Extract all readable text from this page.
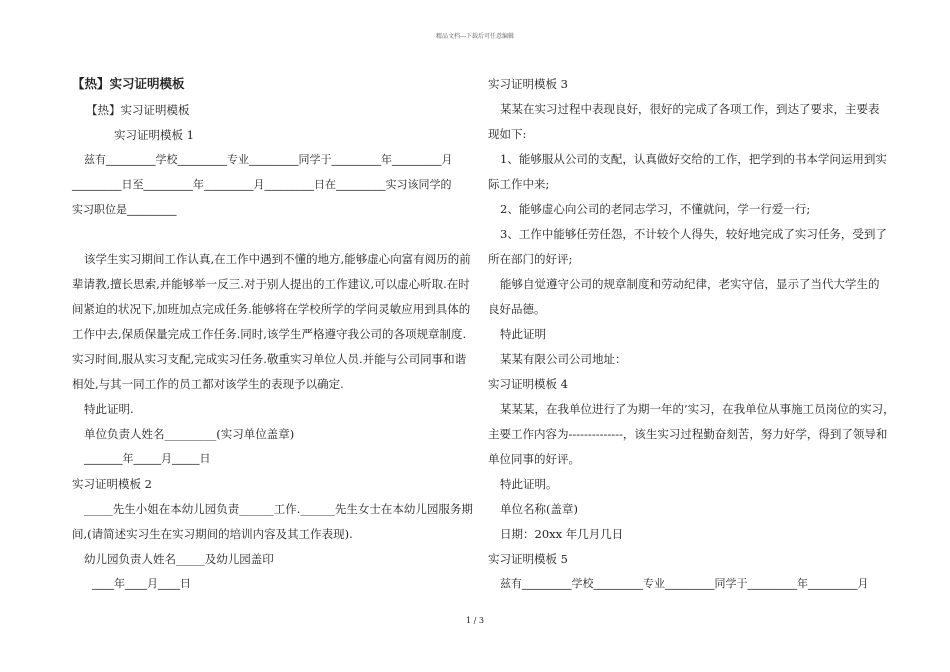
精品文档---下载后可任意编辑
【热】实习证明模板
【热】实习证明模板
实习证明模板 1
兹有_________学校_________专业_________同学于_________年_________月
_________日至_________年_________月_________日在_________实习该同学的
实习职位是_________
该学生实习期间工作认真,在工作中遇到不懂的地方,能够虚心向富有阅历的前
辈请教,擅长思索,并能够举一反三.对于别人提出的工作建议,可以虚心听取.在时
间紧迫的状况下,加班加点完成任务.能够将在学校所学的学问灵敏应用到具体的
工作中去,保质保量完成工作任务.同时,该学生严格遵守我公司的各项规章制度.
实习时间,服从实习支配,完成实习任务.敬重实习单位人员.并能与公司同事和谐
相处,与其一同工作的员工都对该学生的表现予以确定.
特此证明.
单位负责人姓名_________(实习单位盖章)
_______年_____月_____日
实习证明模板 2
_____先生小姐在本幼儿园负责______工作.______先生女士在本幼儿园服务期
间,(请简述实习生在实习期间的培训内容及其工作表现).
幼儿园负责人姓名_____及幼儿园盖印
____年____月____日
实习证明模板 3
某某在实习过程中表现良好，很好的完成了各项工作，到达了要求，主要表
现如下:
1、能够服从公司的支配，认真做好交给的工作，把学到的书本学问运用到实
际工作中来;
2、能够虚心向公司的老同志学习，不懂就问，学一行爱一行;
3、工作中能够任劳任怨，不计较个人得失，较好地完成了实习任务，受到了
所在部门的好评;
能够自觉遵守公司的规章制度和劳动纪律，老实守信，显示了当代大学生的
良好品德。
特此证明
某某有限公司公司地址：
实习证明模板 4
某某某，在我单位进行了为期一年的’实习，在我单位从事施工员岗位的实习，
主要工作内容为--------------，该生实习过程勤奋刻苦，努力好学，得到了领导和
单位同事的好评。
特此证明。
单位名称(盖章)
日期：20xx 年几月几日
实习证明模板 5
兹有_________学校_________专业_________同学于_________年_________月
1 / 3
